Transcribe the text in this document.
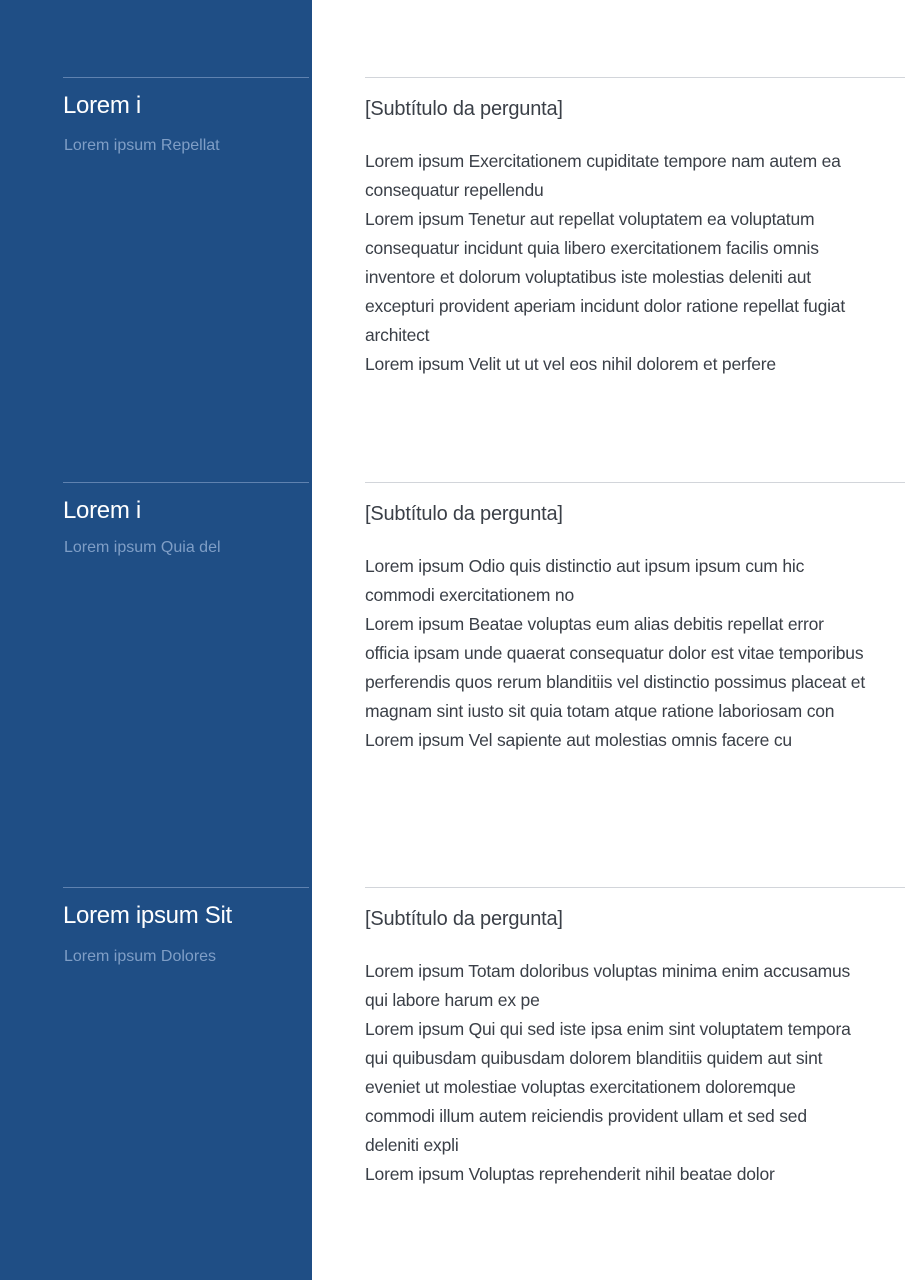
Lorem i
Lorem ipsum Repellat
[Subtítulo da pergunta]

Lorem ipsum Exercitationem cupiditate tempore nam autem ea consequatur repellendu

Lorem ipsum Tenetur aut repellat voluptatem ea voluptatum consequatur incidunt quia libero exercitationem facilis omnis inventore et dolorum voluptatibus iste molestias deleniti aut excepturi provident aperiam incidunt dolor ratione repellat fugiat architect

Lorem ipsum Velit ut ut vel eos nihil dolorem et perfere

Lorem i
Lorem ipsum Quia del
[Subtítulo da pergunta]

Lorem ipsum Odio quis distinctio aut ipsum ipsum cum hic commodi exercitationem no

Lorem ipsum Beatae voluptas eum alias debitis repellat error officia ipsam unde quaerat consequatur dolor est vitae temporibus perferendis quos rerum blanditiis vel distinctio possimus placeat et magnam sint iusto sit quia totam atque ratione laboriosam con

Lorem ipsum Vel sapiente aut molestias omnis facere cu

Lorem ipsum Sit
Lorem ipsum Dolores
[Subtítulo da pergunta]

Lorem ipsum Totam doloribus voluptas minima enim accusamus qui labore harum ex pe

Lorem ipsum Qui qui sed iste ipsa enim sint voluptatem tempora qui quibusdam quibusdam dolorem blanditiis quidem aut sint eveniet ut molestiae voluptas exercitationem doloremque commodi illum autem reiciendis provident ullam et sed sed deleniti expli

Lorem ipsum Voluptas reprehenderit nihil beatae dolor
